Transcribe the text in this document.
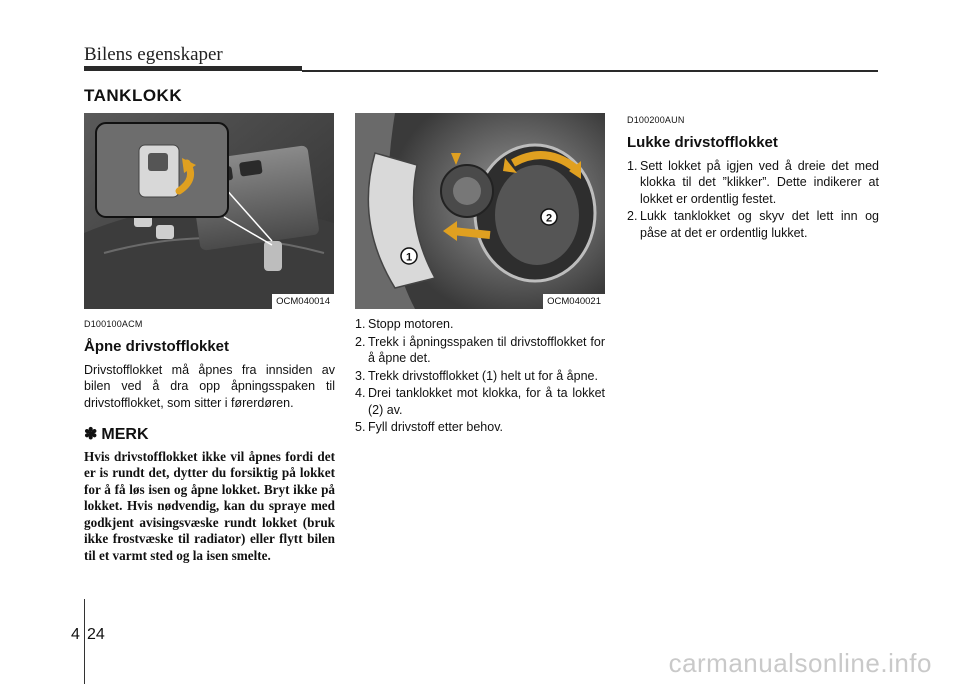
Bilens egenskaper
TANKLOKK
OCM040014
1
2
OCM040021
D100100ACM
Åpne drivstofflokket
Drivstofflokket må åpnes fra innsiden av bilen ved å dra opp åpningsspaken til drivstofflokket, som sitter i førerdøren.
✽ MERK
Hvis drivstofflokket ikke vil åpnes fordi det er is rundt det, dytter du forsiktig på lokket for å få løs isen og åpne lokket. Bryt ikke på lokket. Hvis nødvendig, kan du spraye med godkjent avisingsvæske rundt lokket (bruk ikke frostvæske til radiator) eller flytt bilen til et varmt sted og la isen smelte.
1. Stopp motoren.
2. Trekk i åpningsspaken til drivstofflokket for å åpne det.
3. Trekk drivstofflokket (1) helt ut for å åpne.
4. Drei tanklokket mot klokka, for å ta lokket (2) av.
5. Fyll drivstoff etter behov.
D100200AUN
Lukke drivstofflokket
1. Sett lokket på igjen ved å dreie det med klokka til det ”klikker”. Dette indikerer at lokket er ordentlig festet.
2. Lukk tanklokket og skyv det lett inn og påse at det er ordentlig lukket.
4 24
carmanualsonline.info
